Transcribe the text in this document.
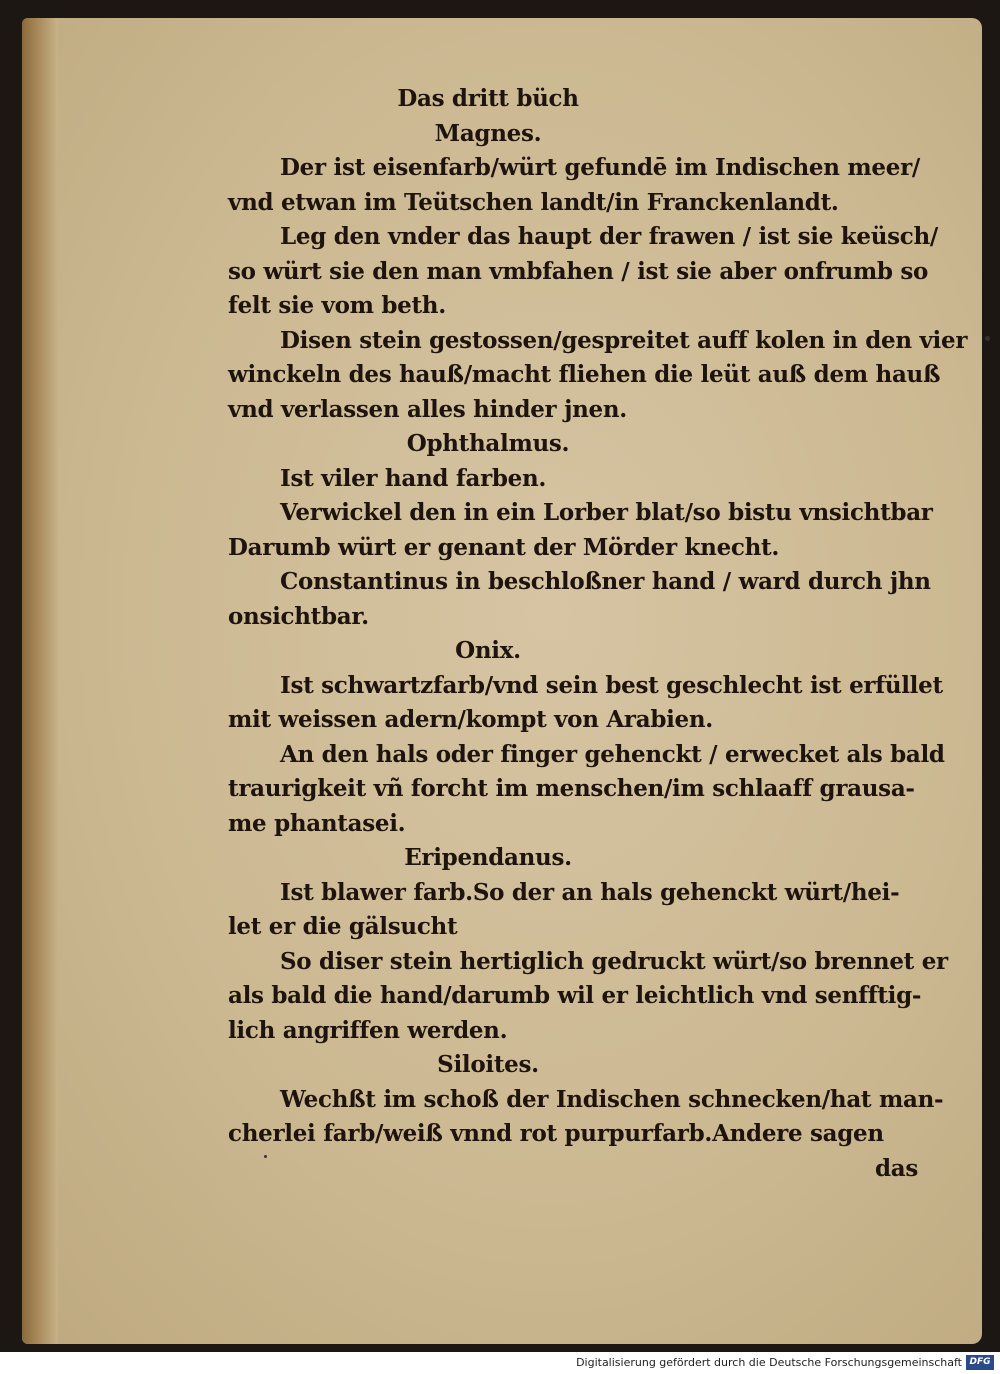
Das dritt büch
Magnes.
Der ist eisenfarb/würt gefundē im Indischen meer/
vnd etwan im Teütschen landt/in Franckenlandt.
Leg den vnder das haupt der frawen / ist sie keüsch/
so würt sie den man vmbfahen / ist sie aber onfrumb so
felt sie vom beth.
Disen stein gestossen/gespreitet auff kolen in den vier
winckeln des hauß/macht fliehen die leüt auß dem hauß
vnd verlassen alles hinder jnen.
Ophthalmus.
Ist viler hand farben.
Verwickel den in ein Lorber blat/so bistu vnsichtbar
Darumb würt er genant der Mörder knecht.
Constantinus in beschloßner hand / ward durch jhn
onsichtbar.
Onix.
Ist schwartzfarb/vnd sein best geschlecht ist erfüllet
mit weissen adern/kompt von Arabien.
An den hals oder finger gehenckt / erwecket als bald
traurigkeit vñ forcht im menschen/im schlaaff grausa‑
me phantasei.
Eripendanus.
Ist blawer farb.So der an hals gehenckt würt/hei‑
let er die gälsucht
So diser stein hertiglich gedruckt würt/so brennet er
als bald die hand/darumb wil er leichtlich vnd senfftig‑
lich angriffen werden.
Siloites.
Wechßt im schoß der Indischen schnecken/hat man‑
cherlei farb/weiß vnnd rot purpurfarb.Andere sagen
das
Digitalisierung gefördert durch die Deutsche Forschungsgemeinschaft DFG
